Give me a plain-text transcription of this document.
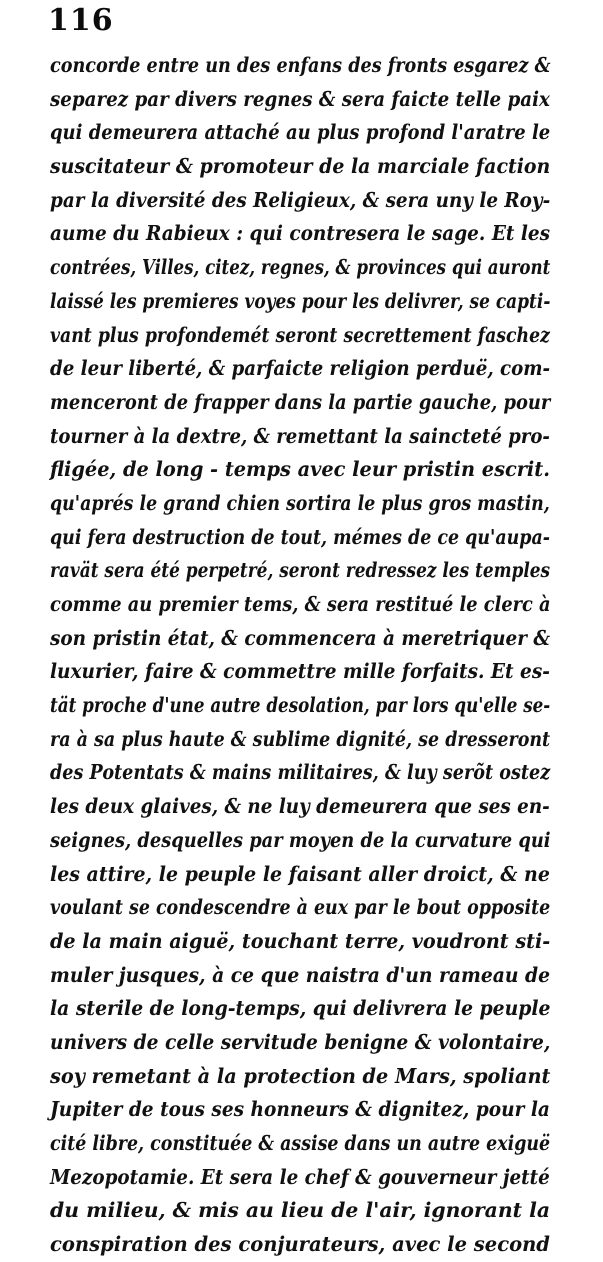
116
concorde entre un des enfans des fronts esgarez &
separez par divers regnes & sera faicte telle paix
qui demeurera attaché au plus profond l'aratre le
suscitateur & promoteur de la marciale faction
par la diversité des Religieux, & sera uny le Roy-
aume du Rabieux : qui contresera le sage. Et les
contrées, Villes, citez, regnes, & provinces qui auront
laissé les premieres voyes pour les delivrer, se capti-
vant plus profondemét seront secrettement faschez
de leur liberté, & parfaicte religion perduë, com-
menceront de frapper dans la partie gauche, pour
tourner à la dextre, & remettant la saincteté pro-
fligée, de long - temps avec leur pristin escrit.
qu'aprés le grand chien sortira le plus gros mastin,
qui fera destruction de tout, mémes de ce qu'aupa-
ravät sera été perpetré, seront redressez les temples
comme au premier tems, & sera restitué le clerc à
son pristin état, & commencera à meretriquer &
luxurier, faire & commettre mille forfaits. Et es-
tät proche d'une autre desolation, par lors qu'elle se-
ra à sa plus haute & sublime dignité, se dresseront
des Potentats & mains militaires, & luy serõt ostez
les deux glaives, & ne luy demeurera que ses en-
seignes, desquelles par moyen de la curvature qui
les attire, le peuple le faisant aller droict, & ne
voulant se condescendre à eux par le bout opposite
de la main aiguë, touchant terre, voudront sti-
muler jusques, à ce que naistra d'un rameau de
la sterile de long-temps, qui delivrera le peuple
univers de celle servitude benigne & volontaire,
soy remetant à la protection de Mars, spoliant
Jupiter de tous ses honneurs & dignitez, pour la
cité libre, constituée & assise dans un autre exiguë
Mezopotamie. Et sera le chef & gouverneur jetté
du milieu, & mis au lieu de l'air, ignorant la
conspiration des conjurateurs, avec le second
